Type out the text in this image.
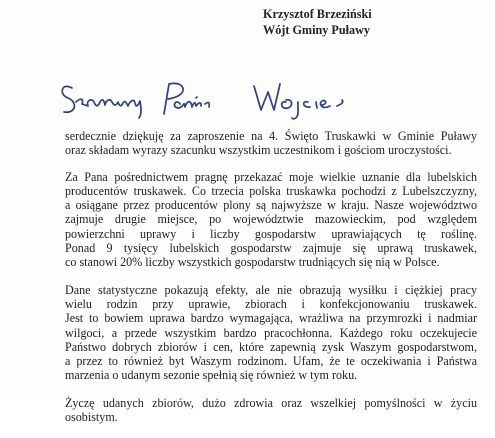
Krzysztof Brzeziński
Wójt Gminy Puławy

serdecznie dziękuję za zaproszenie na 4. Święto Truskawki w Gminie Puławy
oraz składam wyrazy szacunku wszystkim uczestnikom i gościom uroczystości.

Za Pana pośrednictwem pragnę przekazać moje wielkie uznanie dla lubelskich
producentów truskawek. Co trzecia polska truskawka pochodzi z Lubelszczyzny,
a osiągane przez producentów plony są najwyższe w kraju. Nasze województwo
zajmuje drugie miejsce, po województwie mazowieckim, pod względem
powierzchni uprawy i liczby gospodarstw uprawiających tę roślinę.
Ponad 9 tysięcy lubelskich gospodarstw zajmuje się uprawą truskawek,
co stanowi 20% liczby wszystkich gospodarstw trudniących się nią w Polsce.

Dane statystyczne pokazują efekty, ale nie obrazują wysiłku i ciężkiej pracy
wielu rodzin przy uprawie, zbiorach i konfekcjonowaniu truskawek.
Jest to bowiem uprawa bardzo wymagająca, wrażliwa na przymrozki i nadmiar
wilgoci, a przede wszystkim bardzo pracochłonna. Każdego roku oczekujecie
Państwo dobrych zbiorów i cen, które zapewnią zysk Waszym gospodarstwom,
a przez to również byt Waszym rodzinom. Ufam, że te oczekiwania i Państwa
marzenia o udanym sezonie spełnią się również w tym roku.

Życzę udanych zbiorów, dużo zdrowia oraz wszelkiej pomyślności w życiu
osobistym.
